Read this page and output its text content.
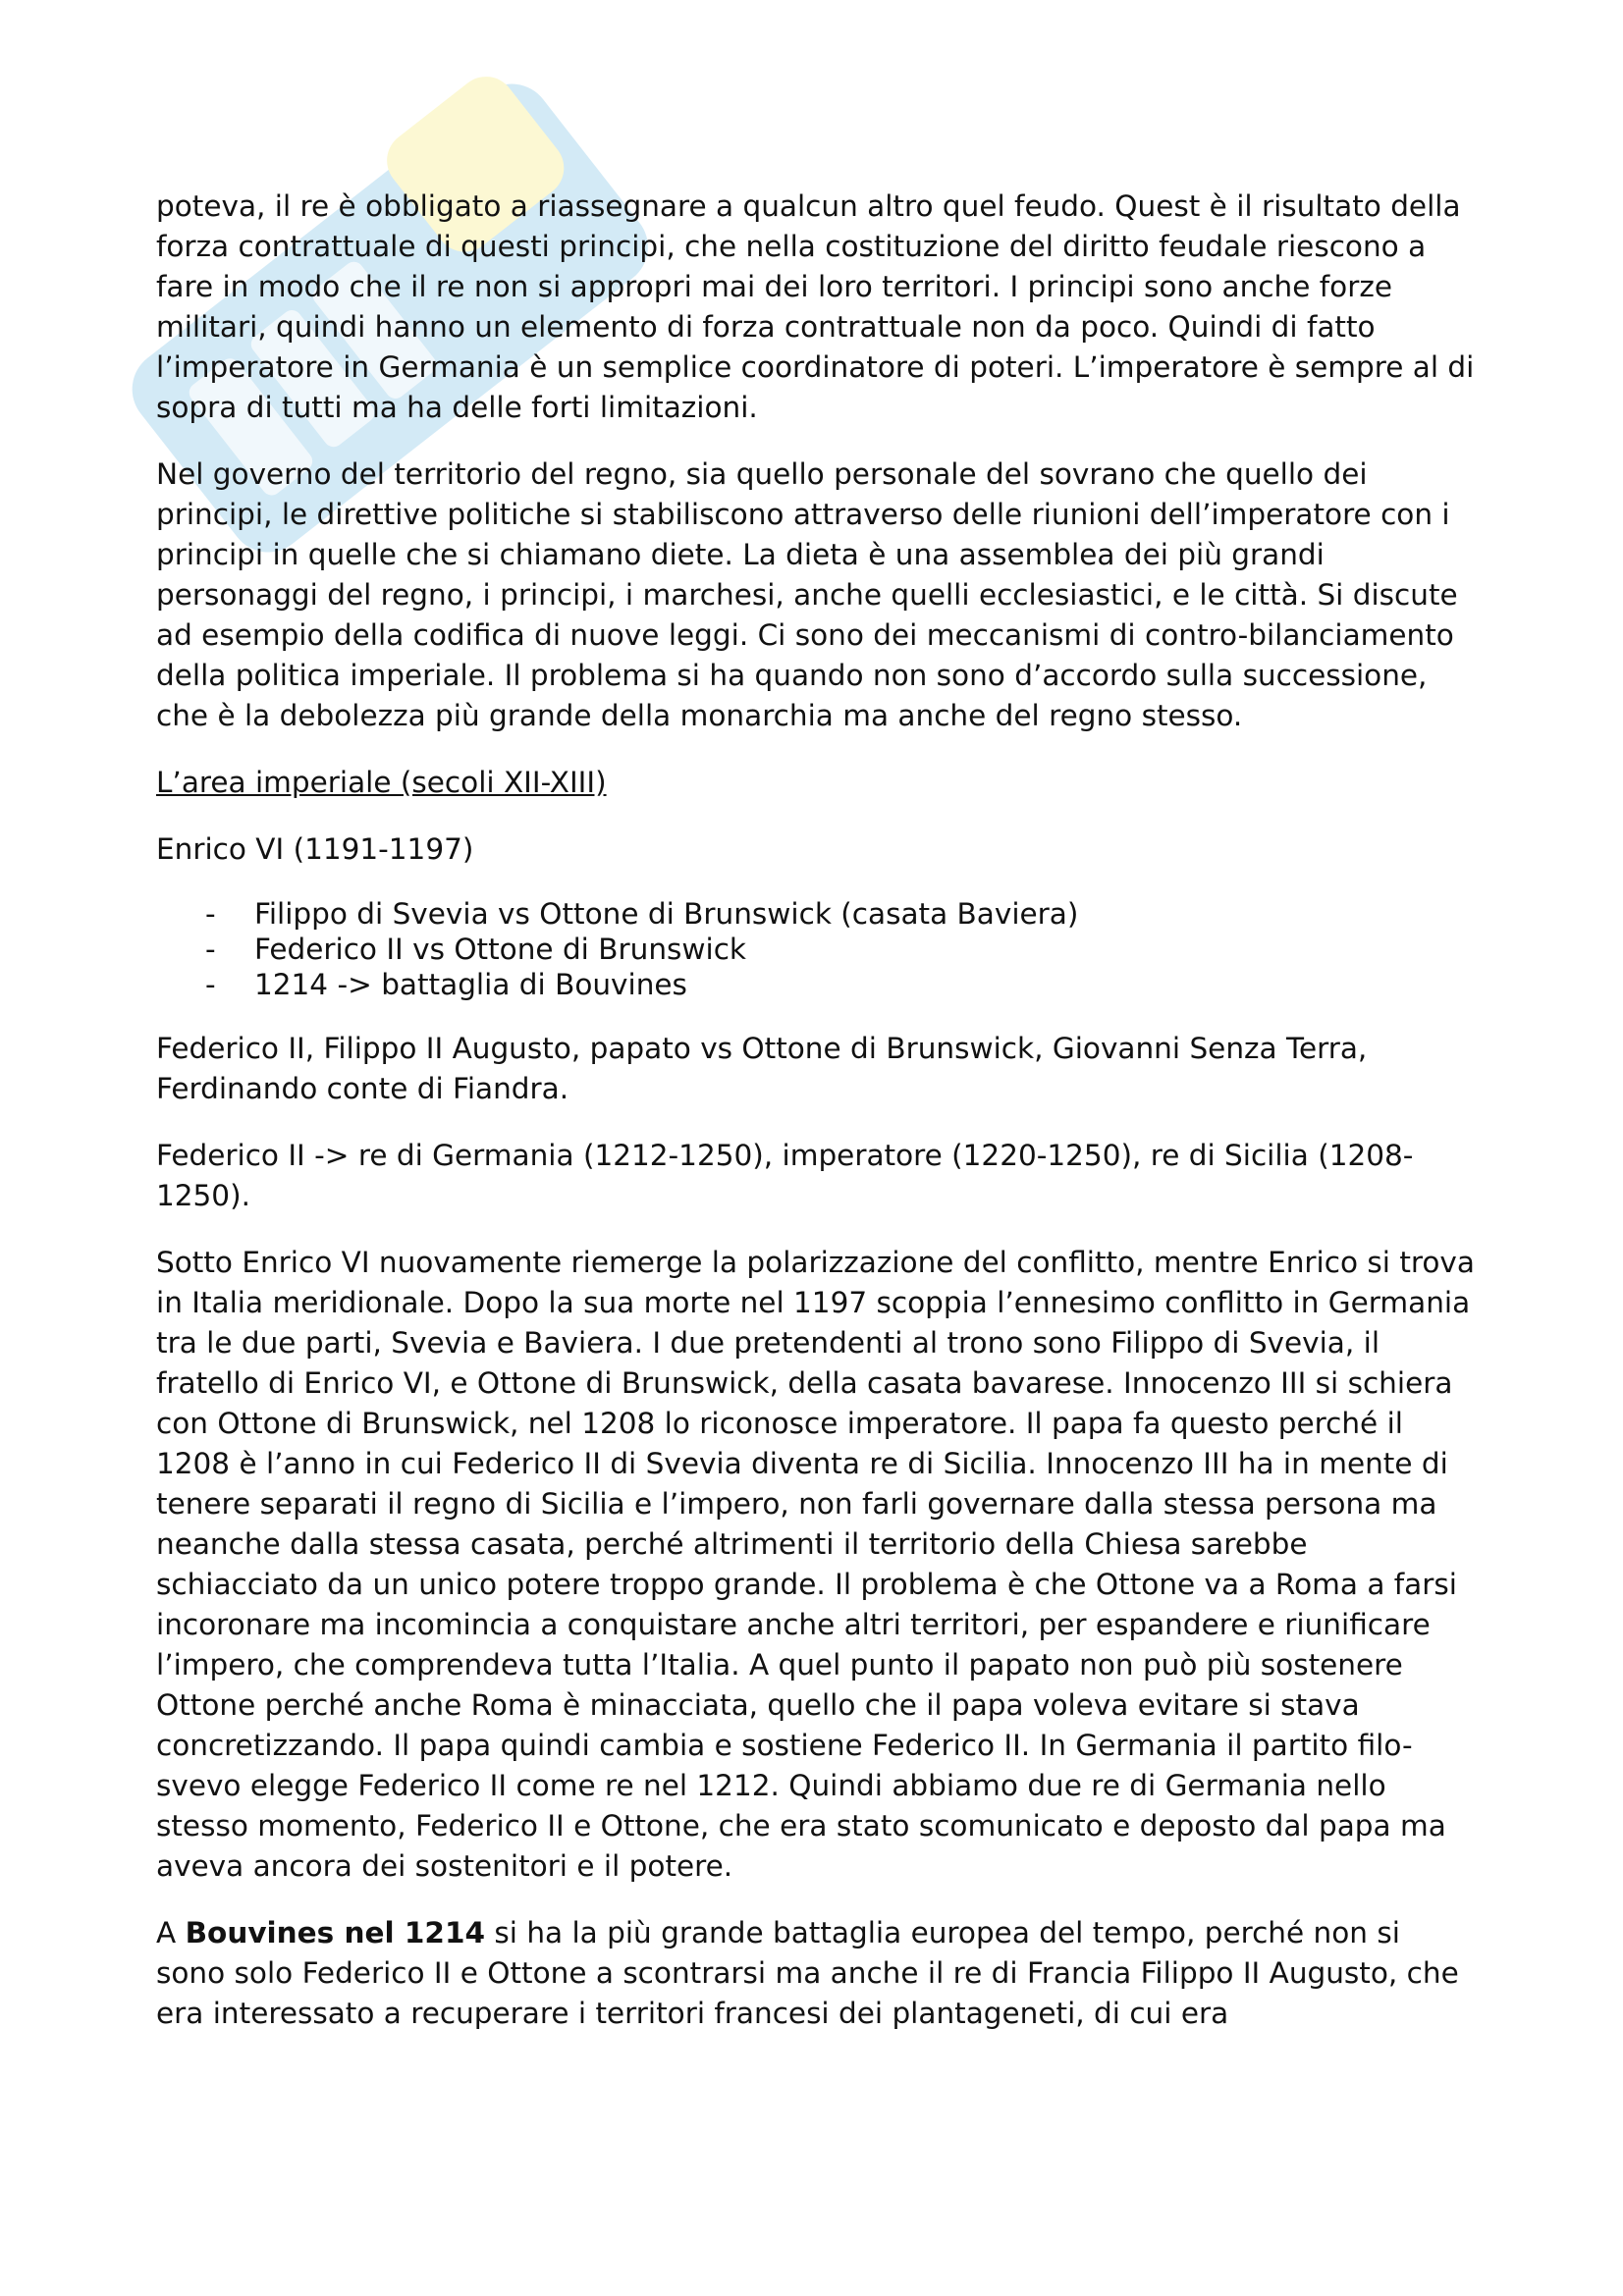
poteva, il re è obbligato a riassegnare a qualcun altro quel feudo. Quest è il risultato della forza contrattuale di questi principi, che nella costituzione del diritto feudale riescono a fare in modo che il re non si appropri mai dei loro territori. I principi sono anche forze militari, quindi hanno un elemento di forza contrattuale non da poco. Quindi di fatto l’imperatore in Germania è un semplice coordinatore di poteri. L’imperatore è sempre al di sopra di tutti ma ha delle forti limitazioni.

Nel governo del territorio del regno, sia quello personale del sovrano che quello dei principi, le direttive politiche si stabiliscono attraverso delle riunioni dell’imperatore con i principi in quelle che si chiamano diete. La dieta è una assemblea dei più grandi personaggi del regno, i principi, i marchesi, anche quelli ecclesiastici, e le città. Si discute ad esempio della codifica di nuove leggi. Ci sono dei meccanismi di contro-bilanciamento della politica imperiale. Il problema si ha quando non sono d’accordo sulla successione, che è la debolezza più grande della monarchia ma anche del regno stesso.

L’area imperiale (secoli XII-XIII)

Enrico VI (1191-1197)

- Filippo di Svevia vs Ottone di Brunswick (casata Baviera)
- Federico II vs Ottone di Brunswick
- 1214 -> battaglia di Bouvines

Federico II, Filippo II Augusto, papato vs Ottone di Brunswick, Giovanni Senza Terra, Ferdinando conte di Fiandra.

Federico II -> re di Germania (1212-1250), imperatore (1220-1250), re di Sicilia (1208-1250).

Sotto Enrico VI nuovamente riemerge la polarizzazione del conflitto, mentre Enrico si trova in Italia meridionale. Dopo la sua morte nel 1197 scoppia l’ennesimo conflitto in Germania tra le due parti, Svevia e Baviera. I due pretendenti al trono sono Filippo di Svevia, il fratello di Enrico VI, e Ottone di Brunswick, della casata bavarese. Innocenzo III si schiera con Ottone di Brunswick, nel 1208 lo riconosce imperatore. Il papa fa questo perché il 1208 è l’anno in cui Federico II di Svevia diventa re di Sicilia. Innocenzo III ha in mente di tenere separati il regno di Sicilia e l’impero, non farli governare dalla stessa persona ma neanche dalla stessa casata, perché altrimenti il territorio della Chiesa sarebbe schiacciato da un unico potere troppo grande. Il problema è che Ottone va a Roma a farsi incoronare ma incomincia a conquistare anche altri territori, per espandere e riunificare l’impero, che comprendeva tutta l’Italia. A quel punto il papato non può più sostenere Ottone perché anche Roma è minacciata, quello che il papa voleva evitare si stava concretizzando. Il papa quindi cambia e sostiene Federico II. In Germania il partito filo-svevo elegge Federico II come re nel 1212. Quindi abbiamo due re di Germania nello stesso momento, Federico II e Ottone, che era stato scomunicato e deposto dal papa ma aveva ancora dei sostenitori e il potere.

A Bouvines nel 1214 si ha la più grande battaglia europea del tempo, perché non si sono solo Federico II e Ottone a scontrarsi ma anche il re di Francia Filippo II Augusto, che era interessato a recuperare i territori francesi dei plantageneti, di cui era
